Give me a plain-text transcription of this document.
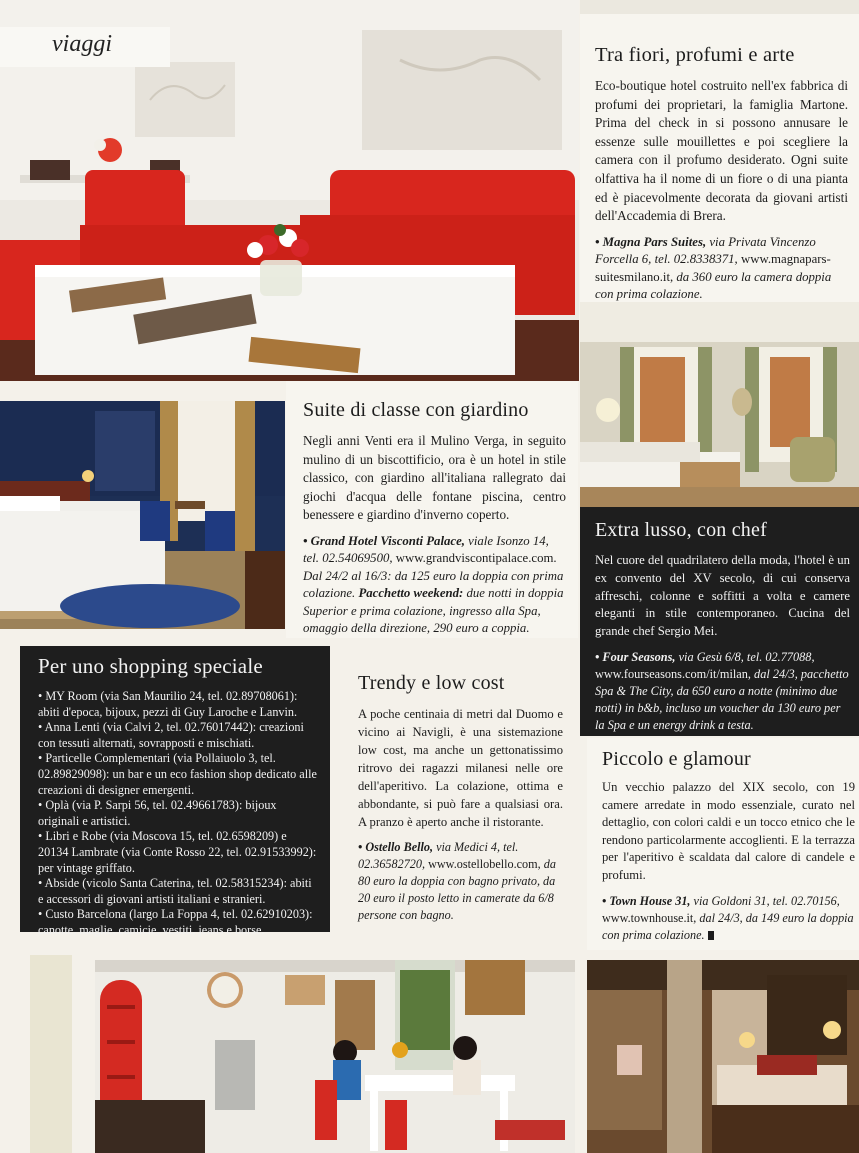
viaggi	Tra fiori, profumi e arte
Eco-boutique hotel costruito nell'ex fabbrica di profumi dei proprietari, la famiglia Martone. Prima del check in si possono annusare le essenze sulle mouillettes e poi scegliere la camera con il profumo desiderato. Ogni suite olfattiva ha il nome di un fiore o di una pianta ed è piacevolmente decorata da giovani artisti dell'Accademia di Brera.
• Magna Pars Suites, via Privata Vincenzo Forcella 6, tel. 02.8338371, www.magnapars-suitesmilano.it, da 360 euro la camera doppia con prima colazione.
Suite di classe con giardino
Negli anni Venti era il Mulino Verga, in seguito mulino di un biscottificio, ora è un hotel in stile classico, con giardino all'italiana rallegrato dai giochi d'acqua delle fontane piscina, centro benessere e giardino d'inverno coperto.
• Grand Hotel Visconti Palace, viale Isonzo 14, tel. 02.54069500, www.grandviscontipalace.com. Dal 24/2 al 16/3: da 125 euro la doppia con prima colazione. Pacchetto weekend: due notti in doppia Superior e prima colazione, ingresso alla Spa, omaggio della direzione, 290 euro a coppia.
Extra lusso, con chef
Nel cuore del quadrilatero della moda, l'hotel è un ex convento del XV secolo, di cui conserva affreschi, colonne e soffitti a volta e camere eleganti in stile contemporaneo. Cucina del grande chef Sergio Mei.
• Four Seasons, via Gesù 6/8, tel. 02.77088, www.fourseasons.com/it/milan, dal 24/3, pacchetto Spa & The City, da 650 euro a notte (minimo due notti) in b&b, incluso un voucher da 130 euro per la Spa e un energy drink a testa.
Per uno shopping speciale
• MY Room (via San Maurilio 24, tel. 02.89708061): abiti d'epoca, bijoux, pezzi di Guy Laroche e Lanvin.
• Anna Lenti (via Calvi 2, tel. 02.76017442): creazioni con tessuti alternati, sovrapposti e mischiati.
• Particelle Complementari (via Pollaiuolo 3, tel. 02.89829098): un bar e un eco fashion shop dedicato alle creazioni di designer emergenti.
• Oplà (via P. Sarpi 56, tel. 02.49661783): bijoux originali e artistici.
• Libri e Robe (via Moscova 15, tel. 02.6598209) e 20134 Lambrate (via Conte Rosso 22, tel. 02.91533992): per vintage griffato.
• Abside (vicolo Santa Caterina, tel. 02.58315234): abiti e accessori di giovani artisti italiani e stranieri.
• Custo Barcelona (largo La Foppa 4, tel. 02.62910203): canotte, maglie, camicie, vestiti, jeans e borse.
Trendy e low cost
A poche centinaia di metri dal Duomo e vicino ai Navigli, è una sistemazione low cost, ma anche un gettonatissimo ritrovo dei ragazzi milanesi nelle ore dell'aperitivo. La colazione, ottima e abbondante, si può fare a qualsiasi ora. A pranzo è aperto anche il ristorante.
• Ostello Bello, via Medici 4, tel. 02.36582720, www.ostellobello.com, da 80 euro la doppia con bagno privato, da 20 euro il posto letto in camerate da 6/8 persone con bagno.
Piccolo e glamour
Un vecchio palazzo del XIX secolo, con 19 camere arredate in modo essenziale, curato nel dettaglio, con colori caldi e un tocco etnico che le rendono particolarmente accoglienti. E la terrazza per l'aperitivo è scaldata dal calore di candele e profumi.
• Town House 31, via Goldoni 31, tel. 02.70156, www.townhouse.it, dal 24/3, da 149 euro la doppia con prima colazione.
